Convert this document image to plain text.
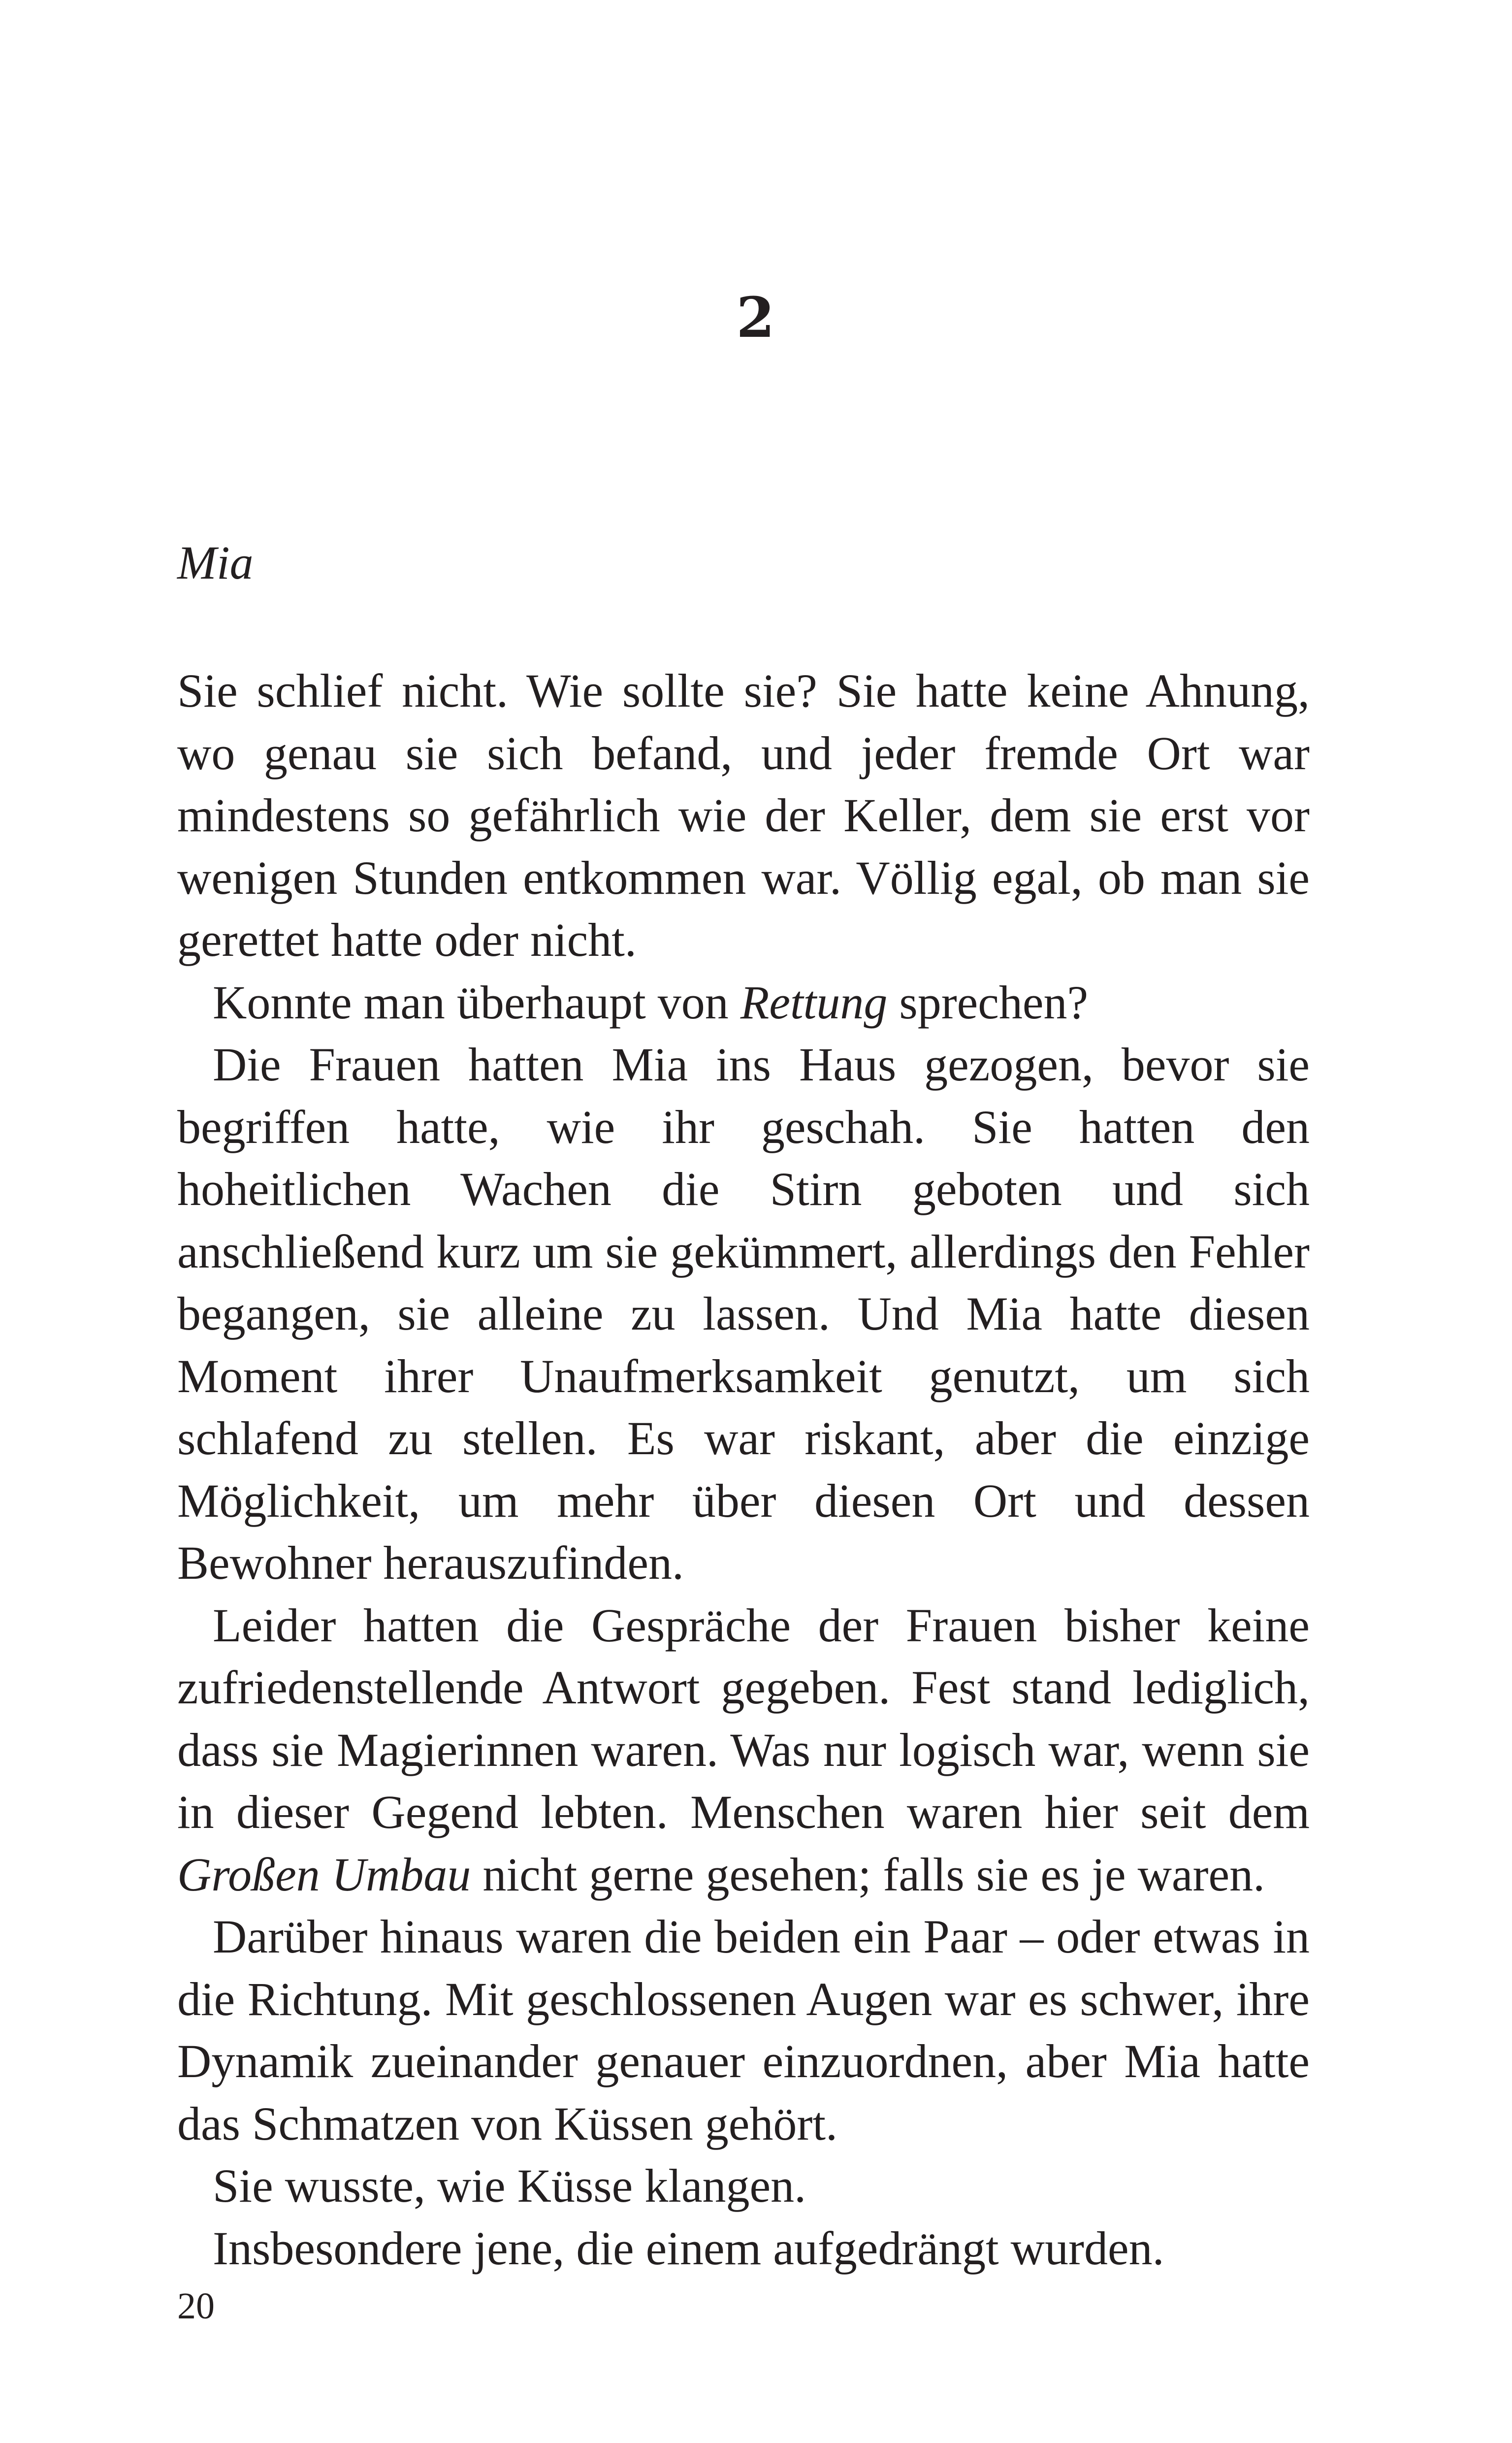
2
Mia

Sie schlief nicht. Wie sollte sie? Sie hatte keine Ahnung, wo genau sie sich befand, und jeder fremde Ort war mindestens so gefährlich wie der Keller, dem sie erst vor wenigen Stunden entkommen war. Völlig egal, ob man sie gerettet hatte oder nicht.

Konnte man überhaupt von Rettung sprechen?

Die Frauen hatten Mia ins Haus gezogen, bevor sie begriffen hatte, wie ihr geschah. Sie hatten den hoheitlichen Wachen die Stirn geboten und sich anschließend kurz um sie gekümmert, allerdings den Fehler begangen, sie alleine zu lassen. Und Mia hatte diesen Moment ihrer Unaufmerksamkeit genutzt, um sich schlafend zu stellen. Es war riskant, aber die einzige Möglichkeit, um mehr über diesen Ort und dessen Bewohner herauszufinden.

Leider hatten die Gespräche der Frauen bisher keine zufriedenstellende Antwort gegeben. Fest stand lediglich, dass sie Magierinnen waren. Was nur logisch war, wenn sie in dieser Gegend lebten. Menschen waren hier seit dem Großen Umbau nicht gerne gesehen; falls sie es je waren.

Darüber hinaus waren die beiden ein Paar – oder etwas in die Richtung. Mit geschlossenen Augen war es schwer, ihre Dynamik zueinander genauer einzuordnen, aber Mia hatte das Schmatzen von Küssen gehört.

Sie wusste, wie Küsse klangen.

Insbesondere jene, die einem aufgedrängt wurden.

20
